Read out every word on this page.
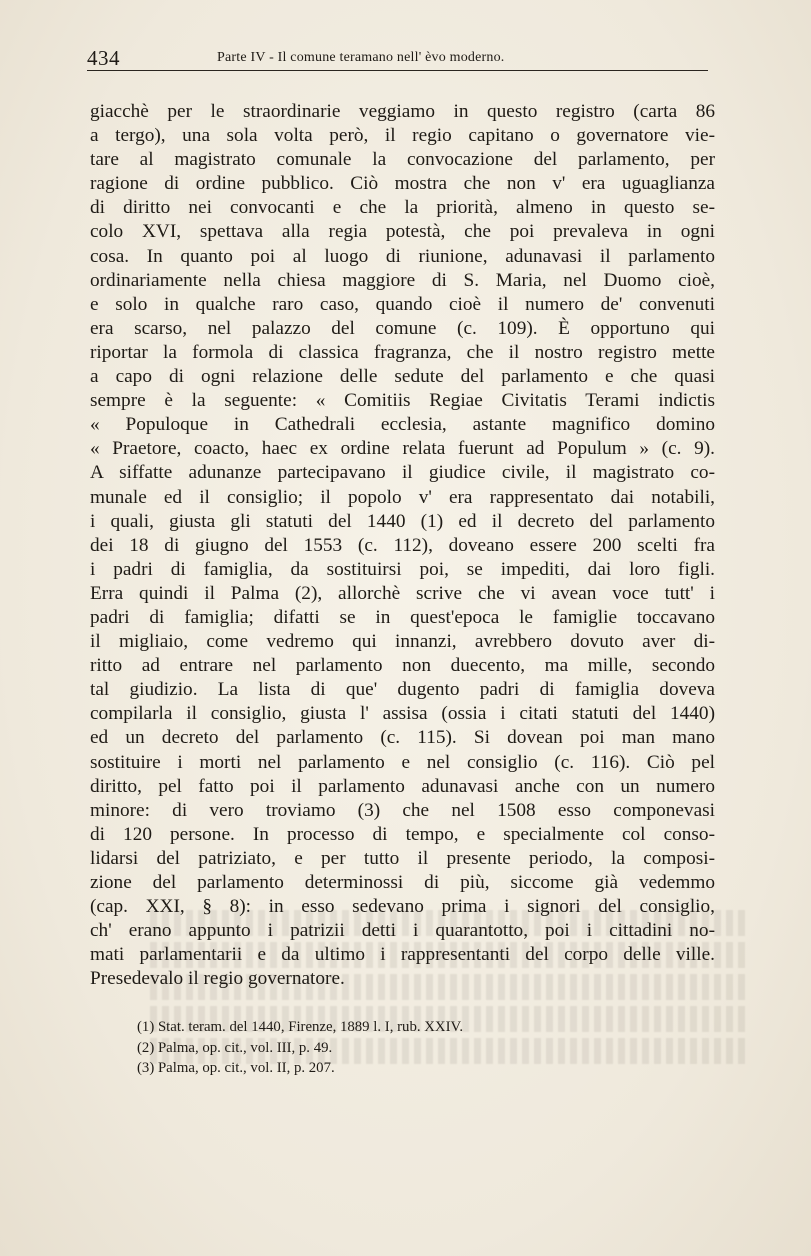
434	Parte IV - Il comune teramano nell' èvo moderno.
giacchè per le straordinarie veggiamo in questo registro (carta 86
a tergo), una sola volta però, il regio capitano o governatore vie-
tare al magistrato comunale la convocazione del parlamento, per
ragione di ordine pubblico. Ciò mostra che non v' era uguaglianza
di diritto nei convocanti e che la priorità, almeno in questo se-
colo XVI, spettava alla regia potestà, che poi prevaleva in ogni
cosa. In quanto poi al luogo di riunione, adunavasi il parlamento
ordinariamente nella chiesa maggiore di S. Maria, nel Duomo cioè,
e solo in qualche raro caso, quando cioè il numero de' convenuti
era scarso, nel palazzo del comune (c. 109). È opportuno qui
riportar la formola di classica fragranza, che il nostro registro mette
a capo di ogni relazione delle sedute del parlamento e che quasi
sempre è la seguente: « Comitiis Regiae Civitatis Terami indictis
« Populoque in Cathedrali ecclesia, astante magnifico domino
« Praetore, coacto, haec ex ordine relata fuerunt ad Populum » (c. 9).
A siffatte adunanze partecipavano il giudice civile, il magistrato co-
munale ed il consiglio; il popolo v' era rappresentato dai notabili,
i quali, giusta gli statuti del 1440 (1) ed il decreto del parlamento
dei 18 di giugno del 1553 (c. 112), doveano essere 200 scelti fra
i padri di famiglia, da sostituirsi poi, se impediti, dai loro figli.
Erra quindi il Palma (2), allorchè scrive che vi avean voce tutt' i
padri di famiglia; difatti se in quest'epoca le famiglie toccavano
il migliaio, come vedremo qui innanzi, avrebbero dovuto aver di-
ritto ad entrare nel parlamento non duecento, ma mille, secondo
tal giudizio. La lista di que' dugento padri di famiglia doveva
compilarla il consiglio, giusta l' assisa (ossia i citati statuti del 1440)
ed un decreto del parlamento (c. 115). Si dovean poi man mano
sostituire i morti nel parlamento e nel consiglio (c. 116). Ciò pel
diritto, pel fatto poi il parlamento adunavasi anche con un numero
minore: di vero troviamo (3) che nel 1508 esso componevasi
di 120 persone. In processo di tempo, e specialmente col conso-
lidarsi del patriziato, e per tutto il presente periodo, la composi-
zione del parlamento determinossi di più, siccome già vedemmo
(cap. XXI, § 8): in esso sedevano prima i signori del consiglio,
ch' erano appunto i patrizii detti i quarantotto, poi i cittadini no-
mati parlamentarii e da ultimo i rappresentanti del corpo delle ville.
Presedevalo il regio governatore.
(1) Stat. teram. del 1440, Firenze, 1889 l. I, rub. XXIV.
(2) Palma, op. cit., vol. III, p. 49.
(3) Palma, op. cit., vol. II, p. 207.
